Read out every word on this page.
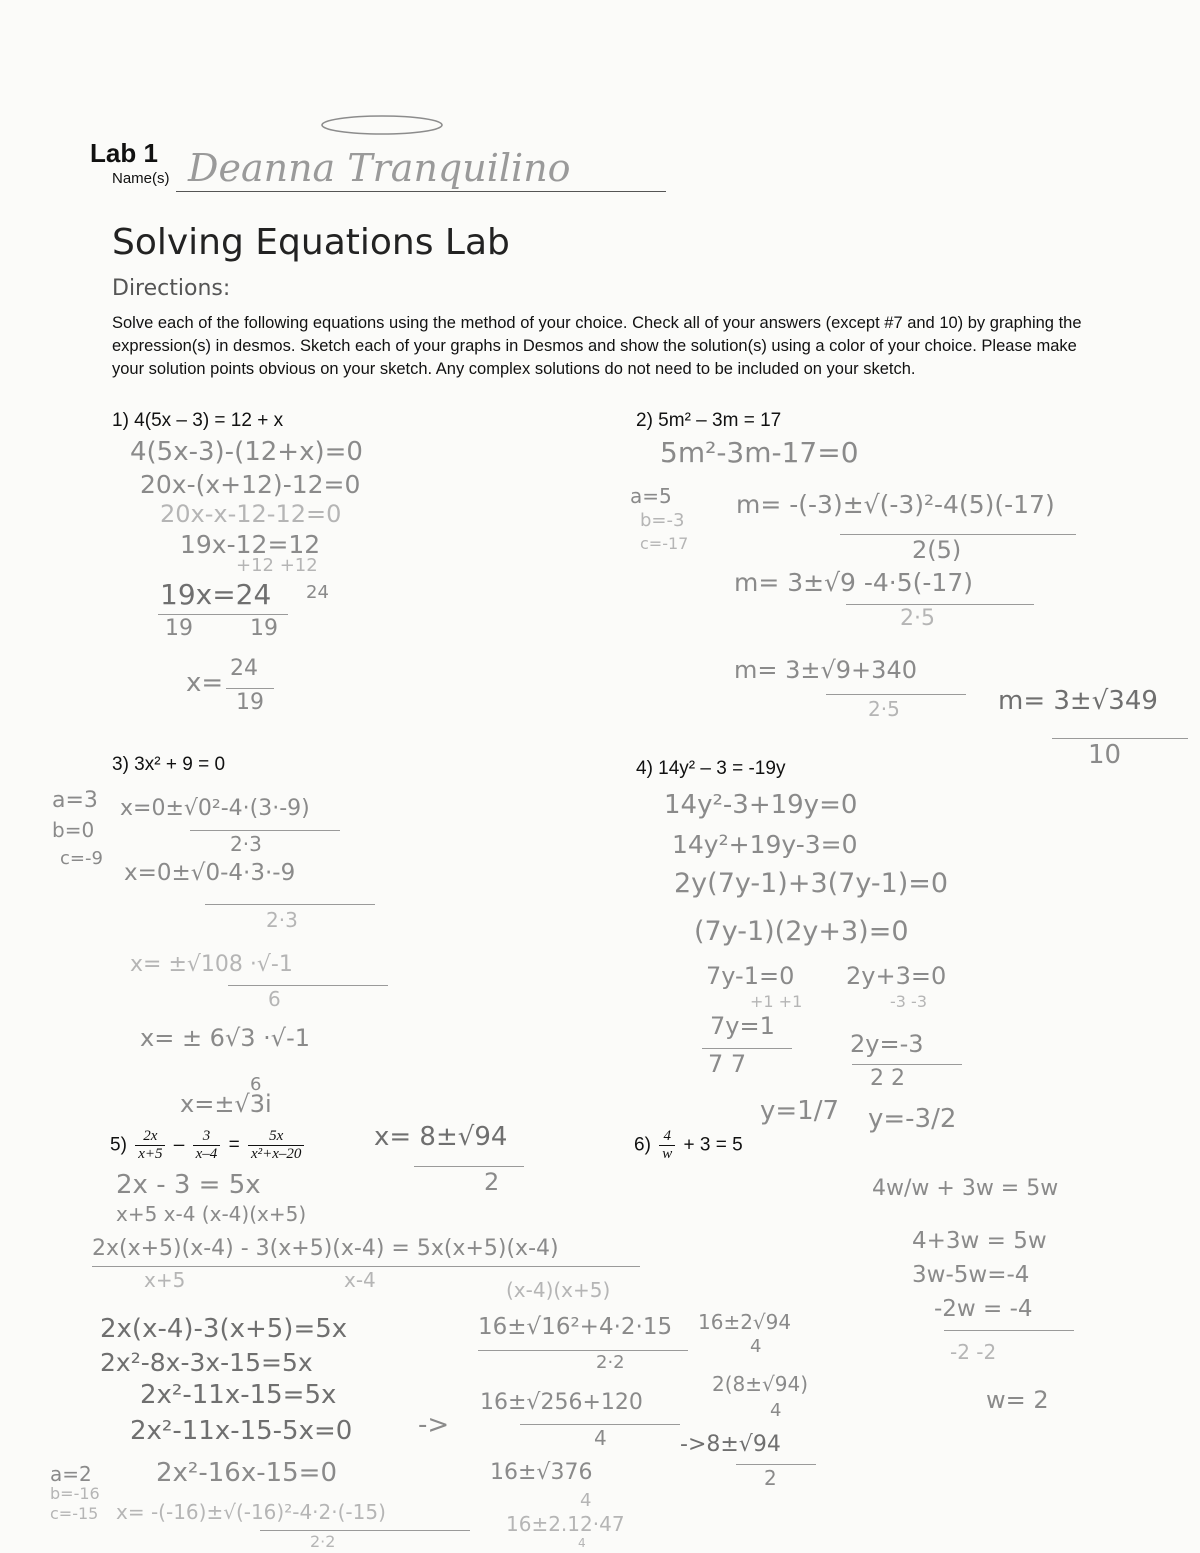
Lab 1
Name(s) Deanna Tranquilino
Solving Equations Lab
Directions:
Solve each of the following equations using the method of your choice. Check all of your answers (except #7 and 10) by graphing the expression(s) in desmos. Sketch each of your graphs in Desmos and show the solution(s) using a color of your choice. Please make your solution points obvious on your sketch. Any complex solutions do not need to be included on your sketch.
1) 4(5x – 3) = 12 + x
4(5x-3)-(12+x)=0
20x-(x+12)-12=0
20x-x-12-12=0
19x-12=12
+12 +12
19x=24 24
19	19
x= 24
19
2) 5m² – 3m = 17
5m²-3m-17=0
a=5
b=-3
c=-17
m= -(-3)±√(-3)²-4(5)(-17)
2(5)
m= 3±√9 -4·5(-17)
2·5
m= 3±√9+340
2·5	m= 3±√349
10
3) 3x² + 9 = 0
a=3
b=0
c=-9
x=0±√0²-4·(3·-9)
2·3
x=0±√0-4·3·-9
2·3
x= ±√108 ·√-1
6
x= ± 6√3 ·√-1
6
x=±√3i
4) 14y² – 3 = -19y
14y²-3+19y=0
14y²+19y-3=0
2y(7y-1)+3(7y-1)=0
(7y-1)(2y+3)=0
7y-1=0 2y+3=0
+1 +1	-3 -3
7y=1
2y=-3
7 7
2 2
y=1/7 y=-3/2
$5) \frac{2x}{x+5} - \frac{3}{x-4} = \frac{5x}{\text{x²+x–20}}$	x= 8±√94
2
2x - 3 = 5x
x+5 x-4 (x-4)(x+5)
2x(x+5)(x-4) - 3(x+5)(x-4) = 5x(x+5)(x-4)
x+5	x-4	(x-4)(x+5)
2x(x-4)-3(x+5)=5x
2x²-8x-3x-15=5x
2x²-11x-15=5x
2x²-11x-15-5x=0	->
a=2 2x²-16x-15=0
b=-16
c=-15 x= -(-16)±√(-16)²-4·2·(-15)
2·2
16±√16²+4·2·15
2·2
16±2√94
4
16±√256+120
4
2(8±√94)
4
->8±√94
2
16±√376
4
16±2.12·47
4
$6) \frac{4}{w} + 3 = 5$
4w/w + 3w = 5w
4+3w = 5w
3w-5w=-4
-2w = -4
-2 -2
w= 2
